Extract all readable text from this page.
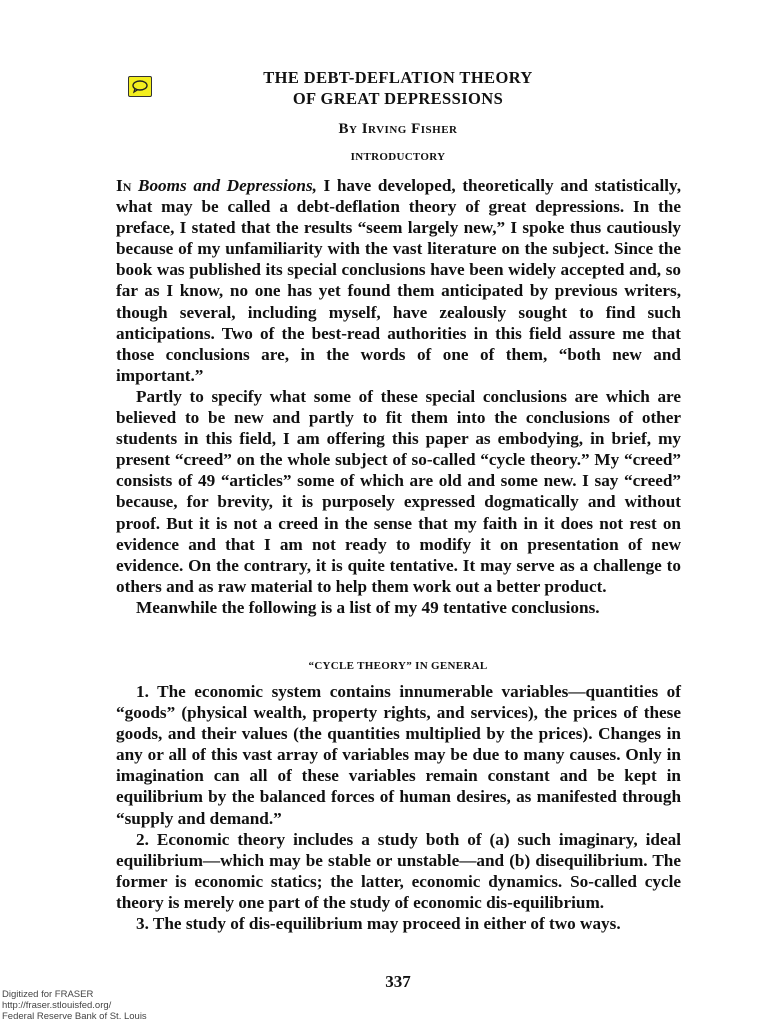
THE DEBT-DEFLATION THEORY
OF GREAT DEPRESSIONS
By Irving Fisher
INTRODUCTORY

In Booms and Depressions, I have developed, theoretically and statistically, what may be called a debt-deflation theory of great depressions. In the preface, I stated that the results “seem largely new,” I spoke thus cautiously because of my unfamiliarity with the vast literature on the subject. Since the book was published its special conclusions have been widely accepted and, so far as I know, no one has yet found them anticipated by previous writers, though several, including myself, have zealously sought to find such anticipations. Two of the best-read authorities in this field assure me that those conclusions are, in the words of one of them, “both new and important.”

Partly to specify what some of these special conclusions are which are believed to be new and partly to fit them into the conclusions of other students in this field, I am offering this paper as embodying, in brief, my present “creed” on the whole subject of so-called “cycle theory.” My “creed” consists of 49 “articles” some of which are old and some new. I say “creed” because, for brevity, it is purposely expressed dogmatically and without proof. But it is not a creed in the sense that my faith in it does not rest on evidence and that I am not ready to modify it on presentation of new evidence. On the contrary, it is quite tentative. It may serve as a challenge to others and as raw material to help them work out a better product.

Meanwhile the following is a list of my 49 tentative conclusions.

“CYCLE THEORY” IN GENERAL

1. The economic system contains innumerable variables—quantities of “goods” (physical wealth, property rights, and services), the prices of these goods, and their values (the quantities multiplied by the prices). Changes in any or all of this vast array of variables may be due to many causes. Only in imagination can all of these variables remain constant and be kept in equilibrium by the balanced forces of human desires, as manifested through “supply and demand.”

2. Economic theory includes a study both of (a) such imaginary, ideal equilibrium—which may be stable or unstable—and (b) disequilibrium. The former is economic statics; the latter, economic dynamics. So-called cycle theory is merely one part of the study of economic dis-equilibrium.

3. The study of dis-equilibrium may proceed in either of two ways.

337
Digitized for FRASER
http://fraser.stlouisfed.org/
Federal Reserve Bank of St. Louis
